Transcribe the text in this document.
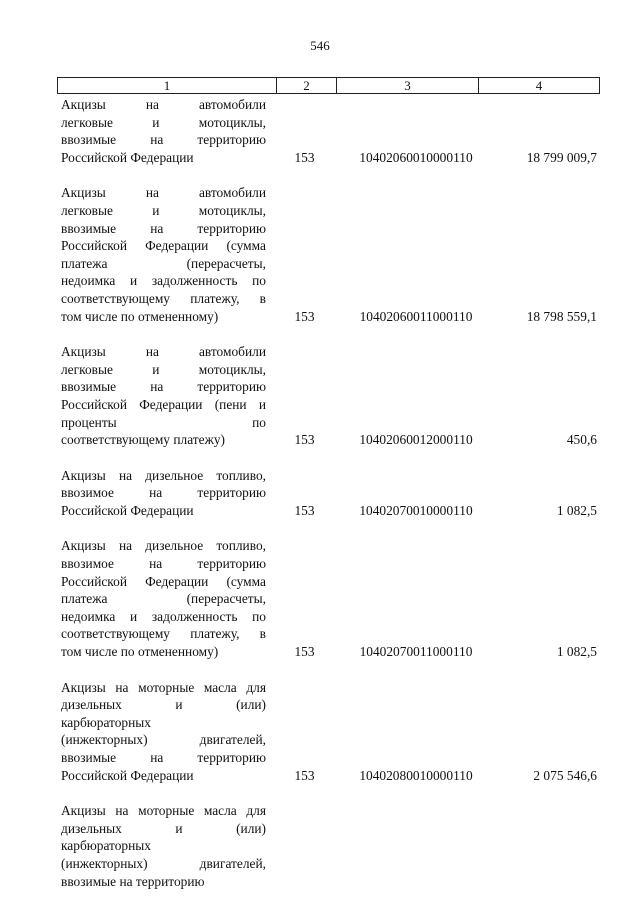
546
1	2	3	4
Акцизы на автомобили
легковые и мотоциклы,
ввозимые на территорию
Российской Федерации	153	10402060010000110	18 799 009,7
Акцизы на автомобили
легковые и мотоциклы,
ввозимые на территорию
Российской Федерации (сумма
платежа (перерасчеты,
недоимка и задолженность по
соответствующему платежу, в
том числе по отмененному)	153	10402060011000110	18 798 559,1
Акцизы на автомобили
легковые и мотоциклы,
ввозимые на территорию
Российской Федерации (пени и
проценты по
соответствующему платежу)	153	10402060012000110	450,6
Акцизы на дизельное топливо,
ввозимое на территорию
Российской Федерации	153	10402070010000110	1 082,5
Акцизы на дизельное топливо,
ввозимое на территорию
Российской Федерации (сумма
платежа (перерасчеты,
недоимка и задолженность по
соответствующему платежу, в
том числе по отмененному)	153	10402070011000110	1 082,5
Акцизы на моторные масла для
дизельных и (или)
карбюраторных
(инжекторных) двигателей,
ввозимые на территорию
Российской Федерации	153	10402080010000110	2 075 546,6
Акцизы на моторные масла для
дизельных и (или)
карбюраторных
(инжекторных) двигателей,
ввозимые на территорию
